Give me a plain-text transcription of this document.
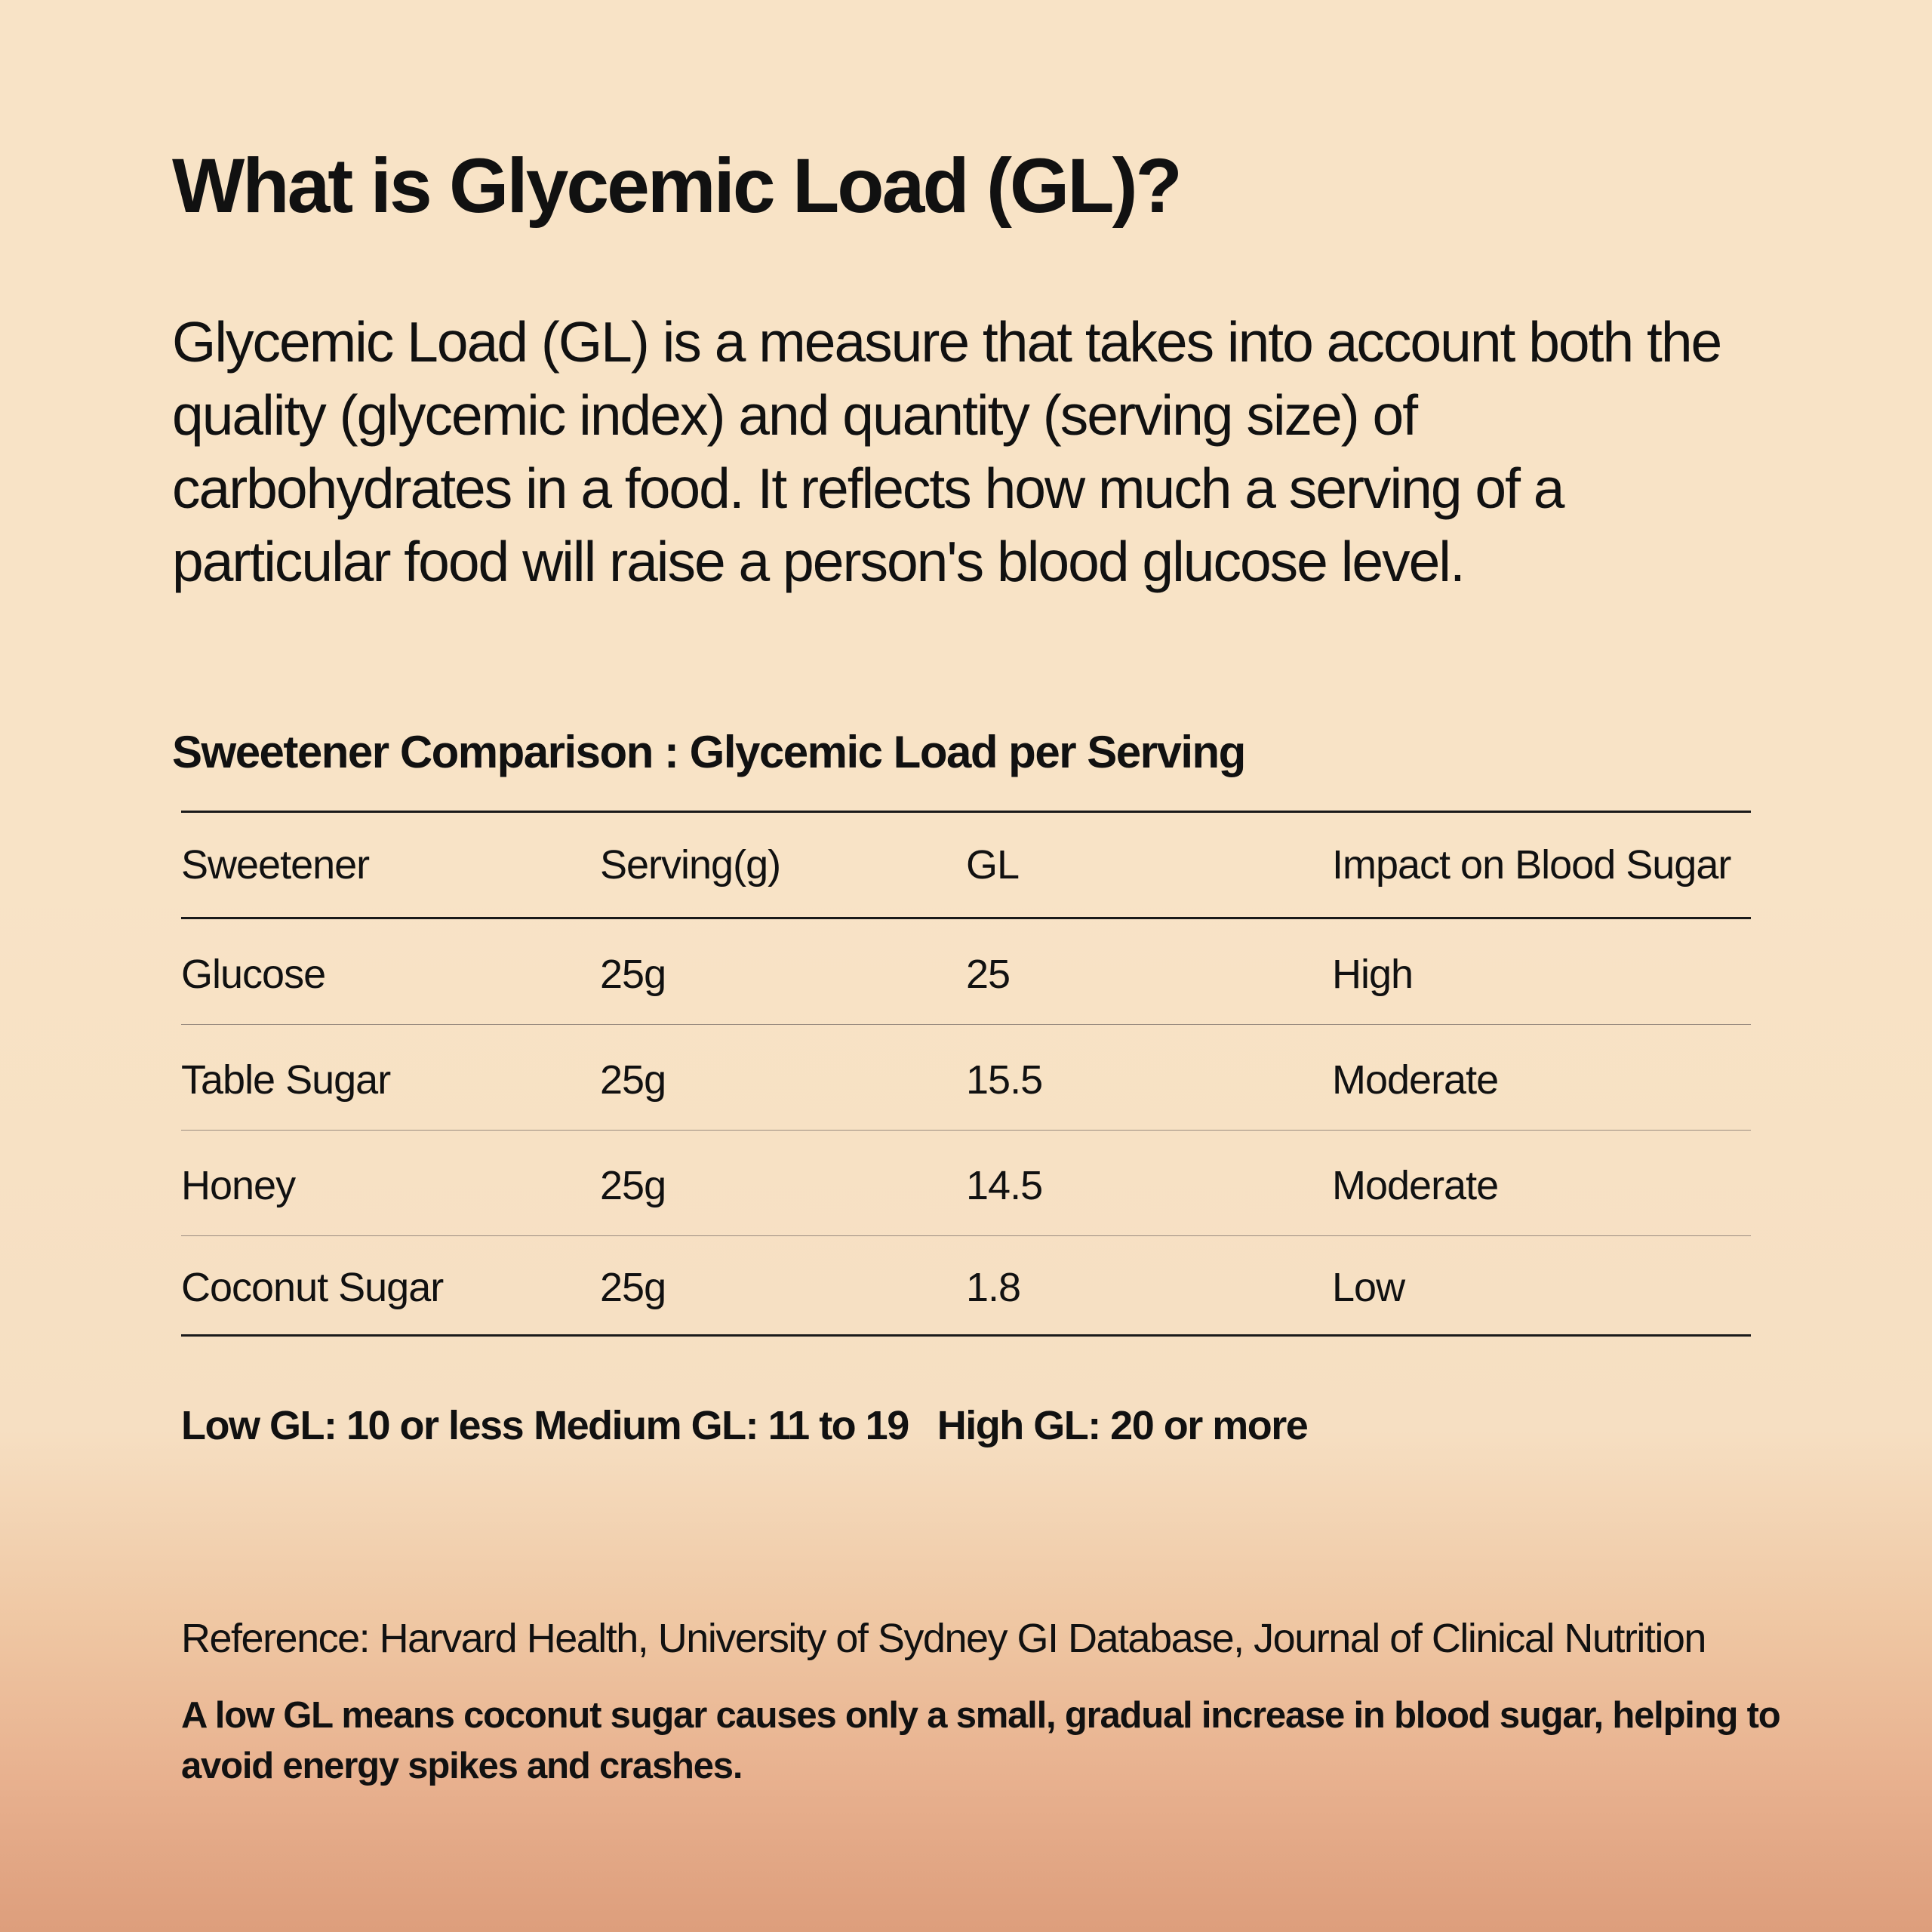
What is Glycemic Load (GL)?

Glycemic Load (GL) is a measure that takes into account both the quality (glycemic index) and quantity (serving size) of carbohydrates in a food. It reflects how much a serving of a particular food will raise a person's blood glucose level.

Sweetener Comparison : Glycemic Load per Serving
Sweetener	Serving(g)	GL	Impact on Blood Sugar
Glucose	25g	25	High
Table Sugar	25g	15.5	Moderate
Honey	25g	14.5	Moderate
Coconut Sugar	25g	1.8	Low
Low GL: 10 or less Medium GL: 11 to 19 High GL: 20 or more

Reference: Harvard Health, University of Sydney GI Database, Journal of Clinical Nutrition

A low GL means coconut sugar causes only a small, gradual increase in blood sugar, helping to avoid energy spikes and crashes.
